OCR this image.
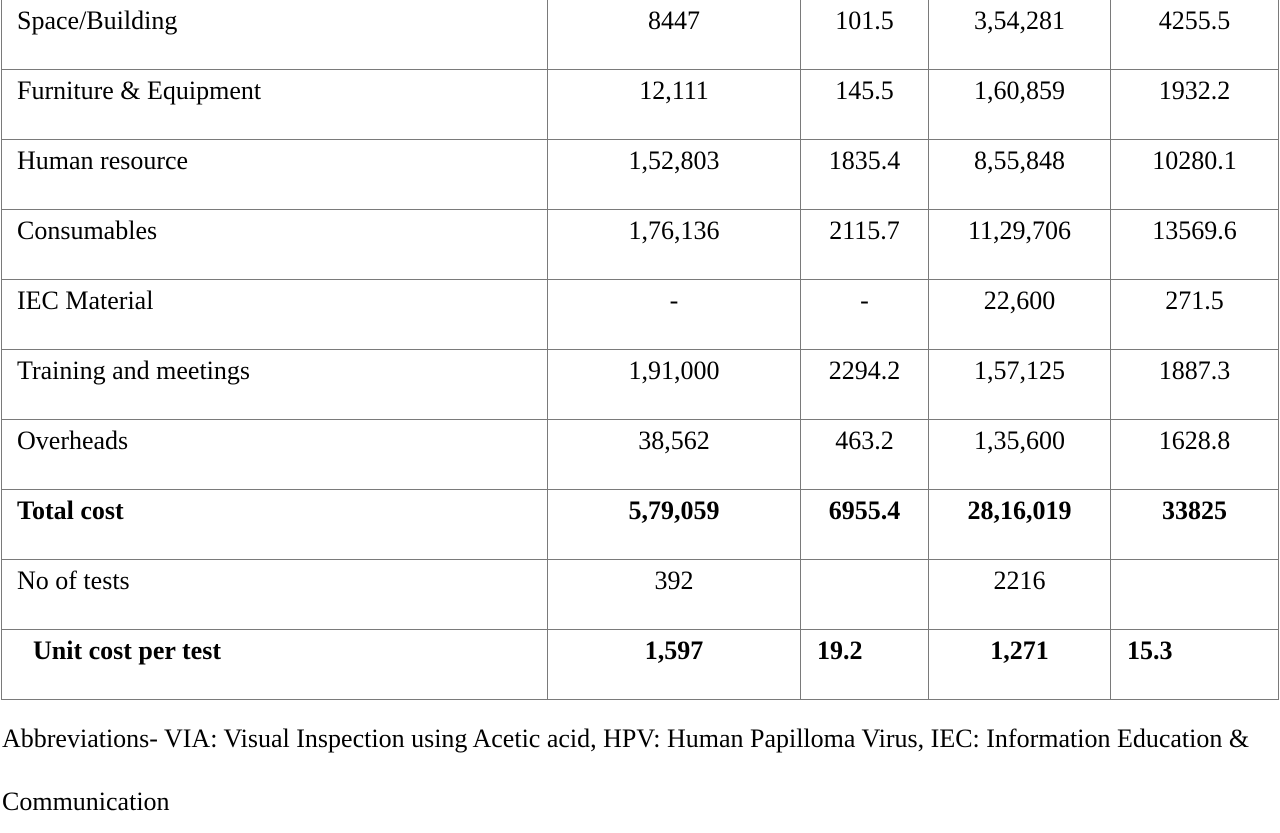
Space/Building	8447	101.5	3,54,281	4255.5

Furniture & Equipment	12,111	145.5	1,60,859	1932.2

Human resource	1,52,803	1835.4	8,55,848	10280.1

Consumables	1,76,136	2115.7	11,29,706	13569.6

IEC Material	-	-	22,600	271.5

Training and meetings	1,91,000	2294.2	1,57,125	1887.3

Overheads	38,562	463.2	1,35,600	1628.8

Total cost	5,79,059	6955.4	28,16,019	33825

No of tests	392		2216	

Unit cost per test	1,597	19.2	1,271	15.3
Abbreviations- VIA: Visual Inspection using Acetic acid, HPV: Human Papilloma Virus, IEC: Information Education & Communication
